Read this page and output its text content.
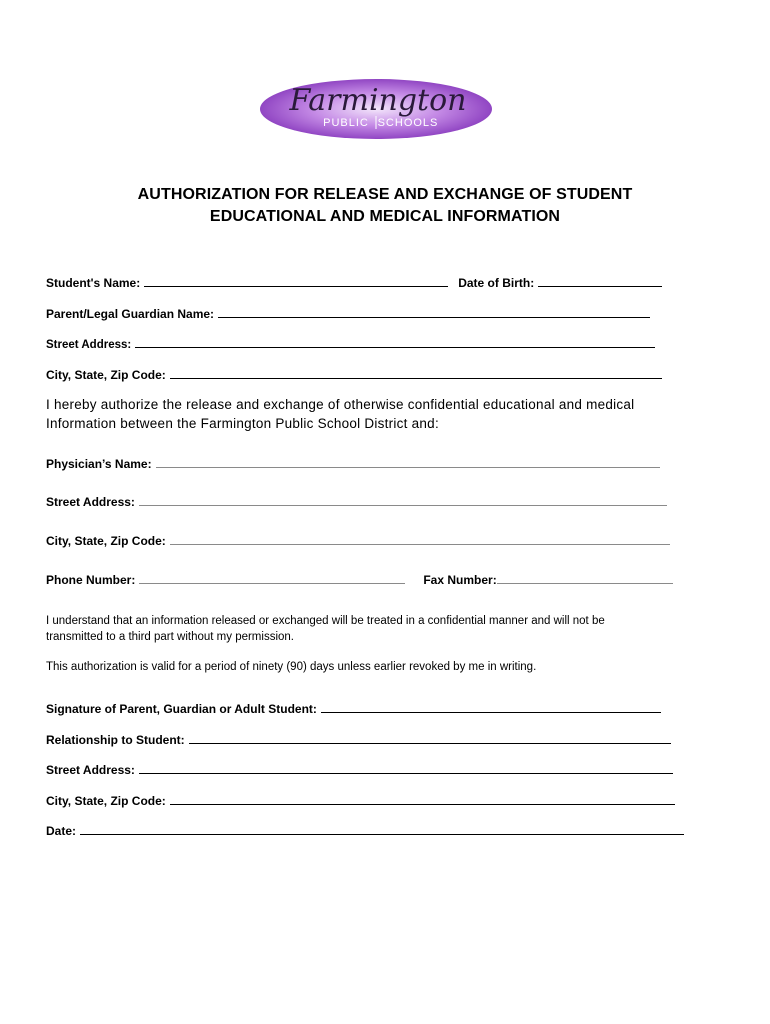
Farmington
PUBLIC SCHOOLS
AUTHORIZATION FOR RELEASE AND EXCHANGE OF STUDENT
EDUCATIONAL AND MEDICAL INFORMATION
Student's Name:	Date of Birth:
Parent/Legal Guardian Name:
Street Address:
City, State, Zip Code:
I hereby authorize the release and exchange of otherwise confidential educational and medical
Information between the Farmington Public School District and:
Physician’s Name:
Street Address:
City, State, Zip Code:
Phone Number:	Fax Number:
I understand that an information released or exchanged will be treated in a confidential manner and will not be
transmitted to a third part without my permission.
This authorization is valid for a period of ninety (90) days unless earlier revoked by me in writing.
Signature of Parent, Guardian or Adult Student:
Relationship to Student:
Street Address:
City, State, Zip Code:
Date:
